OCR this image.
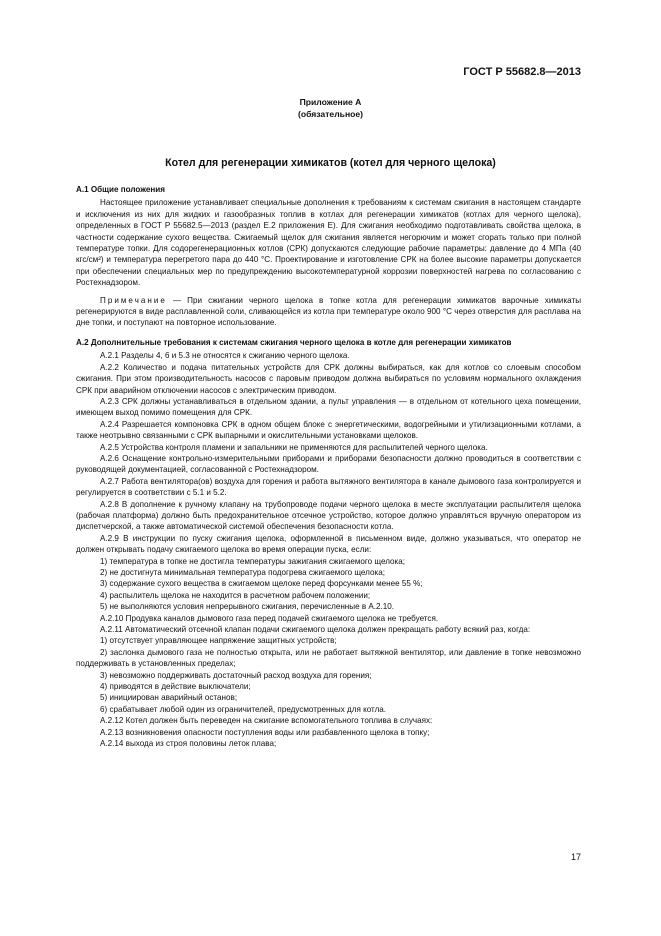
ГОСТ Р 55682.8—2013
Приложение А
(обязательное)
Котел для регенерации химикатов (котел для черного щелока)

А.1 Общие положения

Настоящее приложение устанавливает специальные дополнения к требованиям к системам сжигания в настоящем стандарте и исключения из них для жидких и газообразных топлив в котлах для регенерации химикатов (котлах для черного щелока), определенных в ГОСТ Р 55682.5—2013 (раздел Е.2 приложения Е). Для сжигания необходимо подготавливать свойства щелока, в частности содержание сухого вещества. Сжигаемый щелок для сжигания является негорючим и может сгорать только при полной температуре топки. Для содорегенерационных котлов (СРК) допускаются следующие рабочие параметры: давление до 4 МПа (40 кгс/см²) и температура перегретого пара до 440 °С. Проектирование и изготовление СРК на более высокие параметры допускается при обеспечении специальных мер по предупреждению высокотемпературной коррозии поверхностей нагрева по согласованию с Ростехнадзором.

Примечание — При сжигании черного щелока в топке котла для регенерации химикатов варочные химикаты регенерируются в виде расплавленной соли, сливающейся из котла при температуре около 900 °С через отверстия для расплава на дне топки, и поступают на повторное использование.

А.2 Дополнительные требования к системам сжигания черного щелока в котле для регенерации химикатов

А.2.1 Разделы 4, 6 и 5.3 не относятся к сжиганию черного щелока.

А.2.2 Количество и подача питательных устройств для СРК должны выбираться, как для котлов со слоевым способом сжигания. При этом производительность насосов с паровым приводом должна выбираться по условиям нормального охлаждения СРК при аварийном отключении насосов с электрическим приводом.

А.2.3 СРК должны устанавливаться в отдельном здании, а пульт управления — в отдельном от котельного цеха помещении, имеющем выход помимо помещения для СРК.

А.2.4 Разрешается компоновка СРК в одном общем блоке с энергетическими, водогрейными и утилизационными котлами, а также неотрывно связанными с СРК выпарными и окислительными установками щелоков.

А.2.5 Устройства контроля пламени и запальники не применяются для распылителей черного щелока.

А.2.6 Оснащение контрольно-измерительными приборами и приборами безопасности должно проводиться в соответствии с руководящей документацией, согласованной с Ростехнадзором.

А.2.7 Работа вентилятора(ов) воздуха для горения и работа вытяжного вентилятора в канале дымового газа контролируется и регулируется в соответствии с 5.1 и 5.2.

А.2.8 В дополнение к ручному клапану на трубопроводе подачи черного щелока в месте эксплуатации распылителя щелока (рабочая платформа) должно быть предохранительное отсечное устройство, которое должно управляться вручную оператором из диспетчерской, а также автоматической системой обеспечения безопасности котла.

А.2.9 В инструкции по пуску сжигания щелока, оформленной в письменном виде, должно указываться, что оператор не должен открывать подачу сжигаемого щелока во время операции пуска, если:

1) температура в топке не достигла температуры зажигания сжигаемого щелока;

2) не достигнута минимальная температура подогрева сжигаемого щелока;

3) содержание сухого вещества в сжигаемом щелоке перед форсунками менее 55 %;

4) распылитель щелока не находится в расчетном рабочем положении;

5) не выполняются условия непрерывного сжигания, перечисленные в А.2.10.

А.2.10 Продувка каналов дымового газа перед подачей сжигаемого щелока не требуется.

А.2.11 Автоматический отсечной клапан подачи сжигаемого щелока должен прекращать работу всякий раз, когда:

1) отсутствует управляющее напряжение защитных устройств;

2) заслонка дымового газа не полностью открыта, или не работает вытяжной вентилятор, или давление в топке невозможно поддерживать в установленных пределах;

3) невозможно поддерживать достаточный расход воздуха для горения;

4) приводятся в действие выключатели;

5) инициирован аварийный останов;

6) срабатывает любой один из ограничителей, предусмотренных для котла.

А.2.12 Котел должен быть переведен на сжигание вспомогательного топлива в случаях:

А.2.13 возникновения опасности поступления воды или разбавленного щелока в топку;

А.2.14 выхода из строя половины леток плава;

17
